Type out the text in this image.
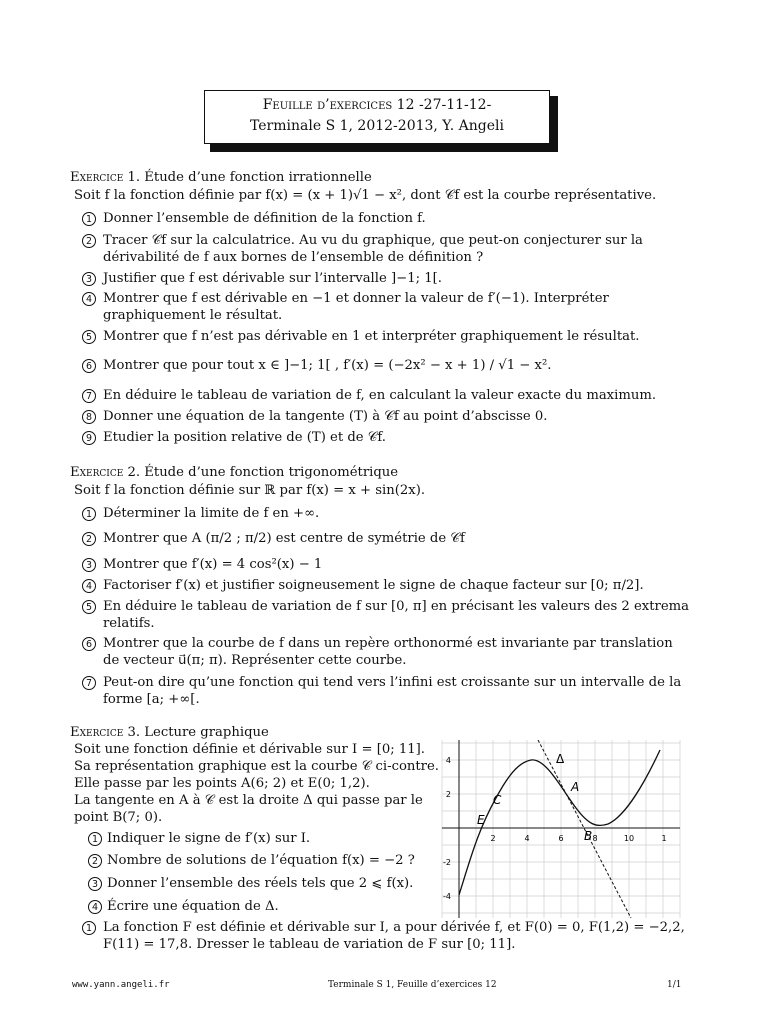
Feuille d’exercices 12 -27-11-12-
Terminale S 1, 2012-2013, Y. Angeli
Exercice 1. Étude d’une fonction irrationnelle
Soit f la fonction définie par f(x) = (x + 1)√1 − x², dont 𝒞f est la courbe représentative.
1 Donner l’ensemble de définition de la fonction f.
2 Tracer 𝒞f sur la calculatrice. Au vu du graphique, que peut-on conjecturer sur la dérivabilité de f aux bornes de l’ensemble de définition ?
3 Justifier que f est dérivable sur l’intervalle ]−1; 1[.
4 Montrer que f est dérivable en −1 et donner la valeur de f′(−1). Interpréter graphiquement le résultat.
5 Montrer que f n’est pas dérivable en 1 et interpréter graphiquement le résultat.
6 Montrer que pour tout x ∈ ]−1; 1[ , f′(x) = (−2x² − x + 1) / √1 − x².
7 En déduire le tableau de variation de f, en calculant la valeur exacte du maximum.
8 Donner une équation de la tangente (T) à 𝒞f au point d’abscisse 0.
9 Etudier la position relative de (T) et de 𝒞f.
Exercice 2. Étude d’une fonction trigonométrique
Soit f la fonction définie sur ℝ par f(x) = x + sin(2x).
1 Déterminer la limite de f en +∞.
2 Montrer que A (π/2 ; π/2) est centre de symétrie de 𝒞f
3 Montrer que f′(x) = 4 cos²(x) − 1
4 Factoriser f′(x) et justifier soigneusement le signe de chaque facteur sur [0; π/2].
5 En déduire le tableau de variation de f sur [0, π] en précisant les valeurs des 2 extrema relatifs.
6 Montrer que la courbe de f dans un repère orthonormé est invariante par translation de vecteur u⃗(π; π). Représenter cette courbe.
7 Peut-on dire qu’une fonction qui tend vers l’infini est croissante sur un intervalle de la forme [a; +∞[.
Exercice 3. Lecture graphique
Soit une fonction définie et dérivable sur I = [0; 11].
Sa représentation graphique est la courbe 𝒞 ci-contre.
Elle passe par les points A(6; 2) et E(0; 1,2).
La tangente en A à 𝒞 est la droite Δ qui passe par le
point B(7; 0).
1 Indiquer le signe de f′(x) sur I.
2 Nombre de solutions de l’équation f(x) = −2 ?
3 Donner l’ensemble des réels tels que 2 ⩽ f(x).
4 Écrire une équation de Δ.
1 La fonction F est définie et dérivable sur I, a pour dérivée f, et F(0) = 0, F(1,2) = −2,2, F(11) = 17,8. Dresser le tableau de variation de F sur [0; 11].
2	4	6	8	10	1
4
2
-2
-4
Δ
A
C
E
B
www.yann.angeli.fr	Terminale S 1, Feuille d’exercices 12	1/1
